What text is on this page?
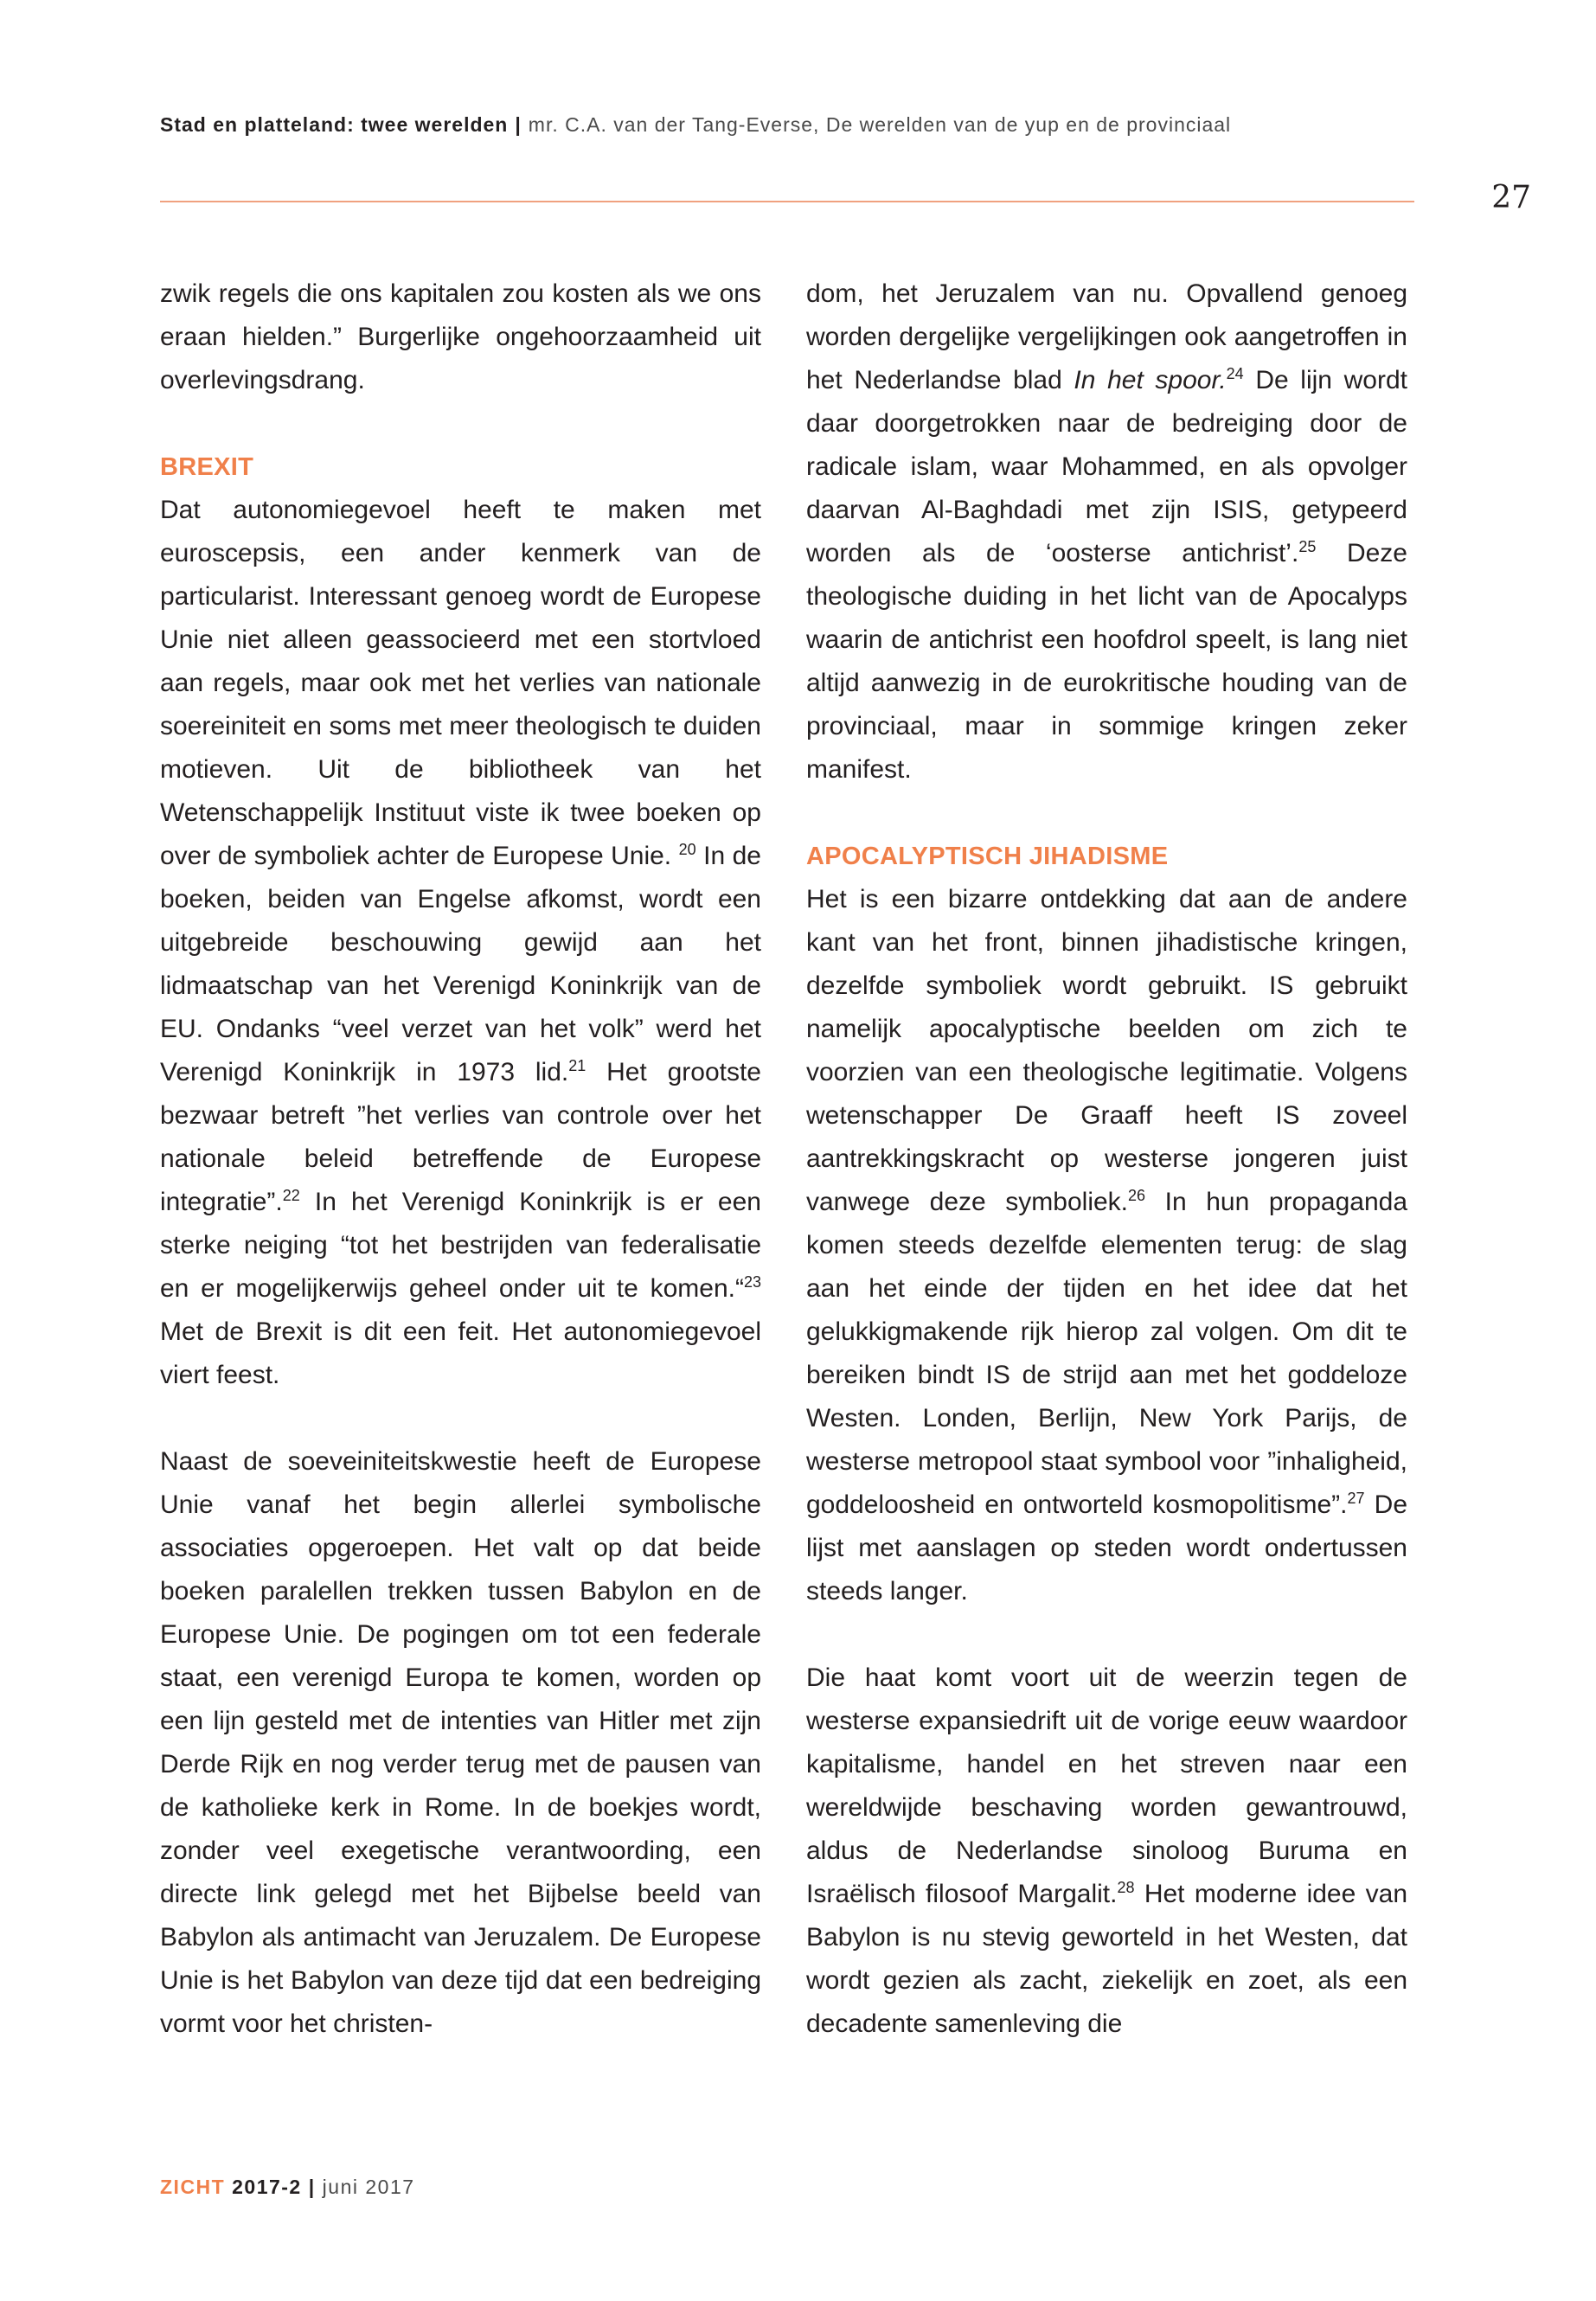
Stad en platteland: twee werelden | mr. C.A. van der Tang-Everse, De werelden van de yup en de provinciaal
27

zwik regels die ons kapitalen zou kosten als we ons eraan hielden.” Burgerlijke ongehoorzaamheid uit overlevingsdrang.

BREXIT

Dat autonomiegevoel heeft te maken met euroscepsis, een ander kenmerk van de particularist. Interessant genoeg wordt de Europese Unie niet alleen geassocieerd met een stortvloed aan regels, maar ook met het verlies van nationale soereiniteit en soms met meer theologisch te duiden motieven. Uit de bibliotheek van het Wetenschappelijk Instituut viste ik twee boeken op over de symboliek achter de Europese Unie. $^{20}$ In de boeken, beiden van Engelse afkomst, wordt een uitgebreide beschouwing gewijd aan het lidmaatschap van het Verenigd Koninkrijk van de EU. Ondanks “veel verzet van het volk” werd het Verenigd Koninkrijk in 1973 lid.$^{21}$ Het grootste bezwaar betreft ”het verlies van controle over het nationale beleid betreffende de Europese integratie”.$^{22}$ In het Verenigd Koninkrijk is er een sterke neiging “tot het bestrijden van federalisatie en er mogelijkerwijs geheel onder uit te komen.“$^{23}$ Met de Brexit is dit een feit. Het autonomiegevoel viert feest.

Naast de soeveiniteitskwestie heeft de Europese Unie vanaf het begin allerlei symbolische associaties opgeroepen. Het valt op dat beide boeken paralellen trekken tussen Babylon en de Europese Unie. De pogingen om tot een federale staat, een verenigd Europa te komen, worden op een lijn gesteld met de intenties van Hitler met zijn Derde Rijk en nog verder terug met de pausen van de katholieke kerk in Rome. In de boekjes wordt, zonder veel exegetische verantwoording, een directe link gelegd met het Bijbelse beeld van Babylon als antimacht van Jeruzalem. De Europese Unie is het Babylon van deze tijd dat een bedreiging vormt voor het christen-

dom, het Jeruzalem van nu. Opvallend genoeg worden dergelijke vergelijkingen ook aangetroffen in het Nederlandse blad In het spoor.$^{24}$ De lijn wordt daar doorgetrokken naar de bedreiging door de radicale islam, waar Mohammed, en als opvolger daarvan Al-Baghdadi met zijn ISIS, getypeerd worden als de ‘oosterse antichrist’.$^{25}$ Deze theologische duiding in het licht van de Apocalyps waarin de antichrist een hoofdrol speelt, is lang niet altijd aanwezig in de eurokritische houding van de provinciaal, maar in sommige kringen zeker manifest.

APOCALYPTISCH JIHADISME

Het is een bizarre ontdekking dat aan de andere kant van het front, binnen jihadistische kringen, dezelfde symboliek wordt gebruikt. IS gebruikt namelijk apocalyptische beelden om zich te voorzien van een theologische legitimatie. Volgens wetenschapper De Graaff heeft IS zoveel aantrekkingskracht op westerse jongeren juist vanwege deze symboliek.$^{26}$ In hun propaganda komen steeds dezelfde elementen terug: de slag aan het einde der tijden en het idee dat het gelukkigmakende rijk hierop zal volgen. Om dit te bereiken bindt IS de strijd aan met het goddeloze Westen. Londen, Berlijn, New York Parijs, de westerse metropool staat symbool voor ”inhaligheid, goddeloosheid en ontworteld kosmopolitisme”.$^{27}$ De lijst met aanslagen op steden wordt ondertussen steeds langer.

Die haat komt voort uit de weerzin tegen de westerse expansiedrift uit de vorige eeuw waardoor kapitalisme, handel en het streven naar een wereldwijde beschaving worden gewantrouwd, aldus de Nederlandse sinoloog Buruma en Israëlisch filosoof Margalit.$^{28}$ Het moderne idee van Babylon is nu stevig geworteld in het Westen, dat wordt gezien als zacht, ziekelijk en zoet, als een decadente samenleving die

ZICHT 2017-2 | juni 2017
